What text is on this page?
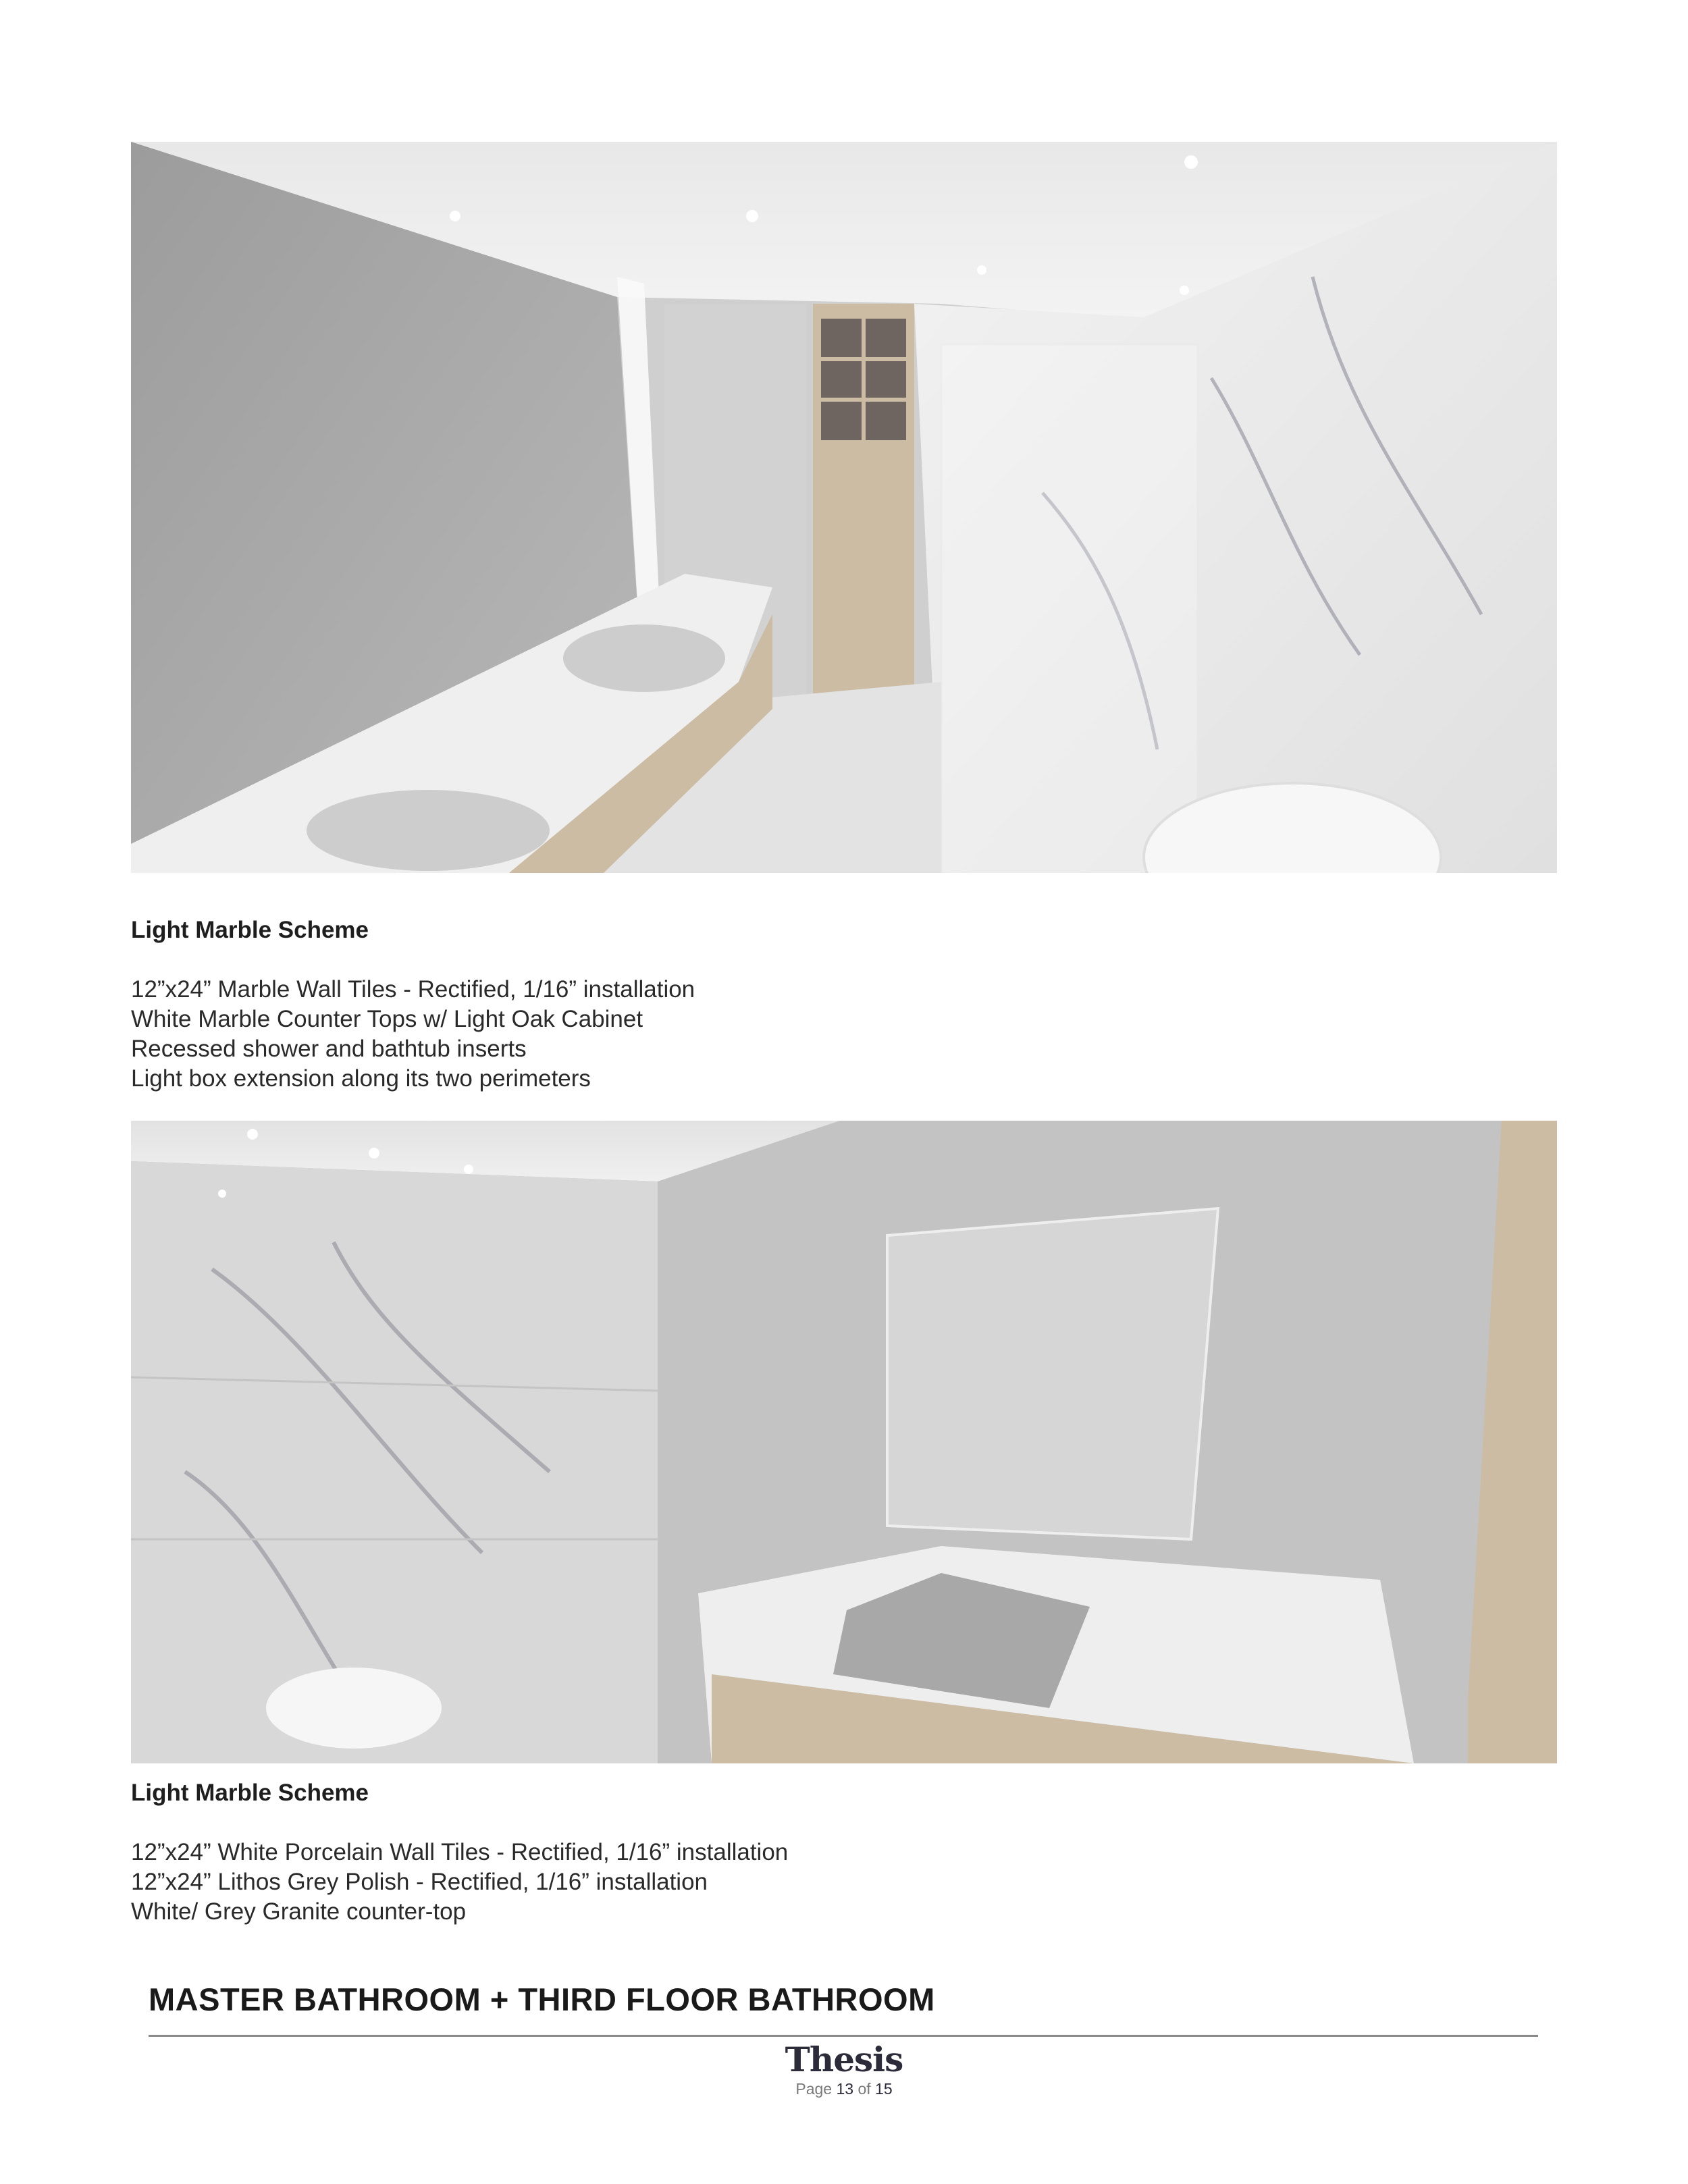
Light Marble Scheme
12”x24” Marble Wall Tiles - Rectified, 1/16” installation
White Marble Counter Tops w/ Light Oak Cabinet
Recessed shower and bathtub inserts
Light box extension along its two perimeters
Light Marble Scheme
12”x24” White Porcelain Wall Tiles - Rectified, 1/16” installation
12”x24” Lithos Grey Polish - Rectified, 1/16” installation
White/ Grey Granite counter-top
MASTER BATHROOM + THIRD FLOOR BATHROOM
Thesis
Page 13 of 15
